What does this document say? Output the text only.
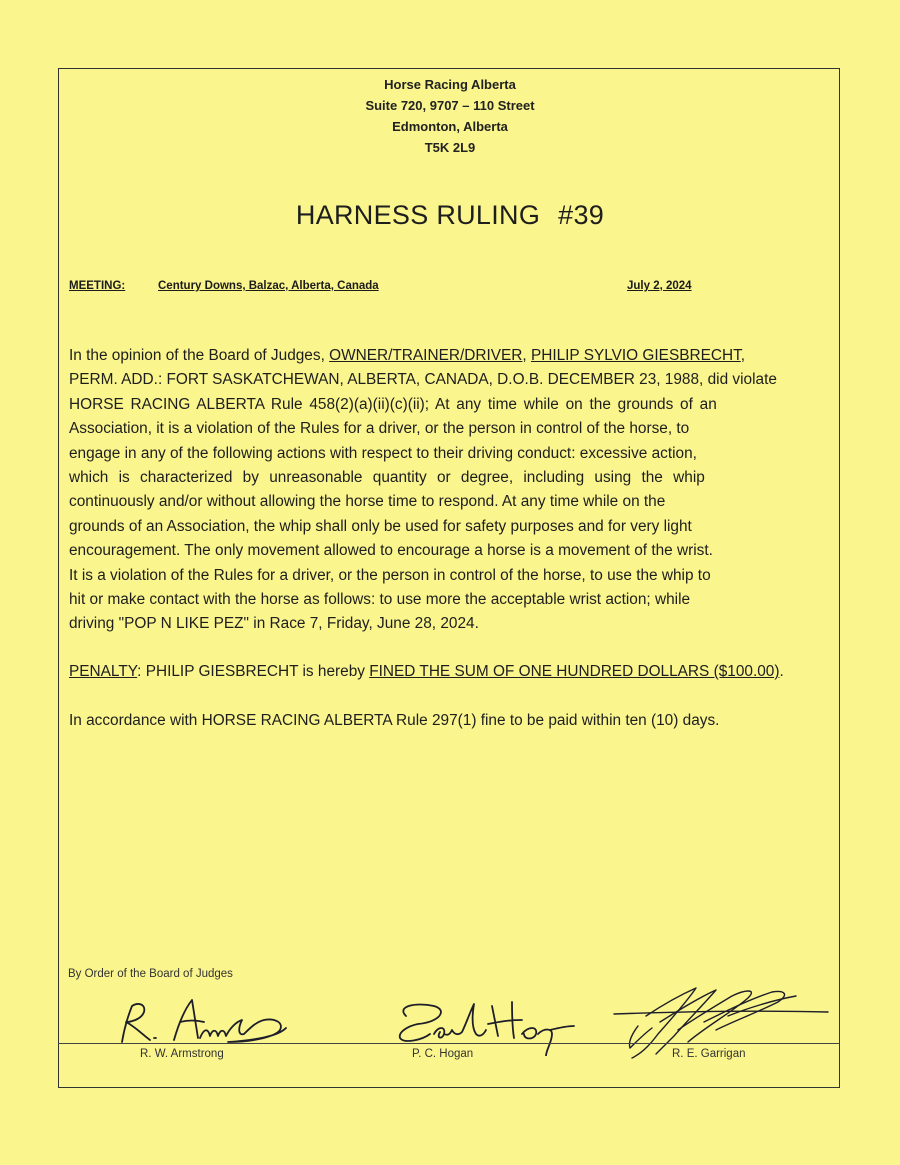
Horse Racing Alberta
Suite 720, 9707 – 110 Street
Edmonton, Alberta
T5K 2L9
HARNESS RULING #39
MEETING:	Century Downs, Balzac, Alberta, Canada	July 2, 2024
In the opinion of the Board of Judges, OWNER/TRAINER/DRIVER, PHILIP SYLVIO GIESBRECHT,
PERM. ADD.: FORT SASKATCHEWAN, ALBERTA, CANADA, D.O.B. DECEMBER 23, 1988, did violate
HORSE RACING ALBERTA Rule 458(2)(a)(ii)(c)(ii); At any time while on the grounds of an
Association, it is a violation of the Rules for a driver, or the person in control of the horse, to
engage in any of the following actions with respect to their driving conduct: excessive action,
which is characterized by unreasonable quantity or degree, including using the whip
continuously and/or without allowing the horse time to respond. At any time while on the
grounds of an Association, the whip shall only be used for safety purposes and for very light
encouragement. The only movement allowed to encourage a horse is a movement of the wrist.
It is a violation of the Rules for a driver, or the person in control of the horse, to use the whip to
hit or make contact with the horse as follows: to use more the acceptable wrist action; while
driving "POP N LIKE PEZ" in Race 7, Friday, June 28, 2024.
PENALTY: PHILIP GIESBRECHT is hereby FINED THE SUM OF ONE HUNDRED DOLLARS ($100.00).
In accordance with HORSE RACING ALBERTA Rule 297(1) fine to be paid within ten (10) days.
By Order of the Board of Judges
R. W. Armstrong	P. C. Hogan	R. E. Garrigan
